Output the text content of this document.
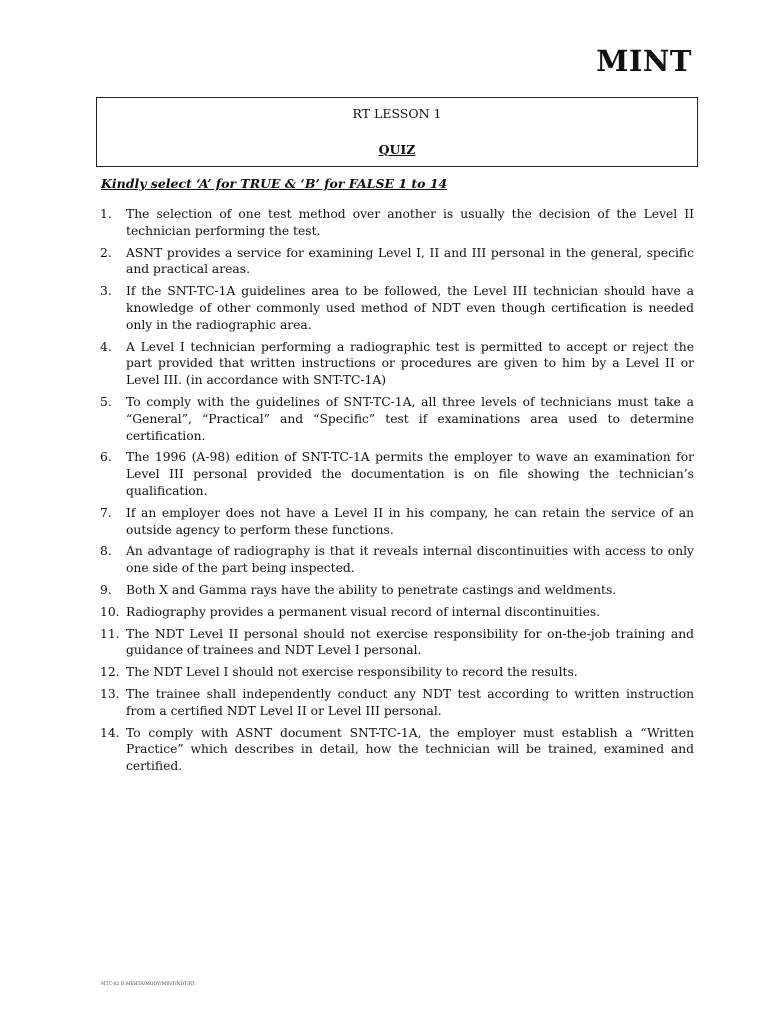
MINT
RT LESSON 1
QUIZ

Kindly select ‘A’ for TRUE & ‘B’ for FALSE 1 to 14

1.	The selection of one test method over another is usually the decision of the Level II technician performing the test.
2.	ASNT provides a service for examining Level I, II and III personal in the general, specific and practical areas.
3.	If the SNT-TC-1A guidelines area to be followed, the Level III technician should have a knowledge of other commonly used method of NDT even though certification is needed only in the radiographic area.
4.	A Level I technician performing a radiographic test is permitted to accept or reject the part provided that written instructions or procedures are given to him by a Level II or Level III. (in accordance with SNT-TC-1A)
5.	To comply with the guidelines of SNT-TC-1A, all three levels of technicians must take a “General”, “Practical” and “Specific” test if examinations area used to determine certification.
6.	The 1996 (A-98) edition of SNT-TC-1A permits the employer to wave an examination for Level III personal provided the documentation is on file showing the technician’s qualification.
7.	If an employer does not have a Level II in his company, he can retain the service of an outside agency to perform these functions.
8.	An advantage of radiography is that it reveals internal discontinuities with access to only one side of the part being inspected.
9.	Both X and Gamma rays have the ability to penetrate castings and weldments.
10. Radiography provides a permanent visual record of internal discontinuities.
11. The NDT Level II personal should not exercise responsibility for on-the-job training and guidance of trainees and NDT Level I personal.
12. The NDT Level I should not exercise responsibility to record the results.
13. The trainee shall independently conduct any NDT test according to written instruction from a certified NDT Level II or Level III personal.
14. To comply with ASNT document SNT-TC-1A, the employer must establish a “Written Practice” which describes in detail, how the technician will be trained, examined and certified.
MTC-02 D:MEHTA/MODY/MINT/NDT/RT
